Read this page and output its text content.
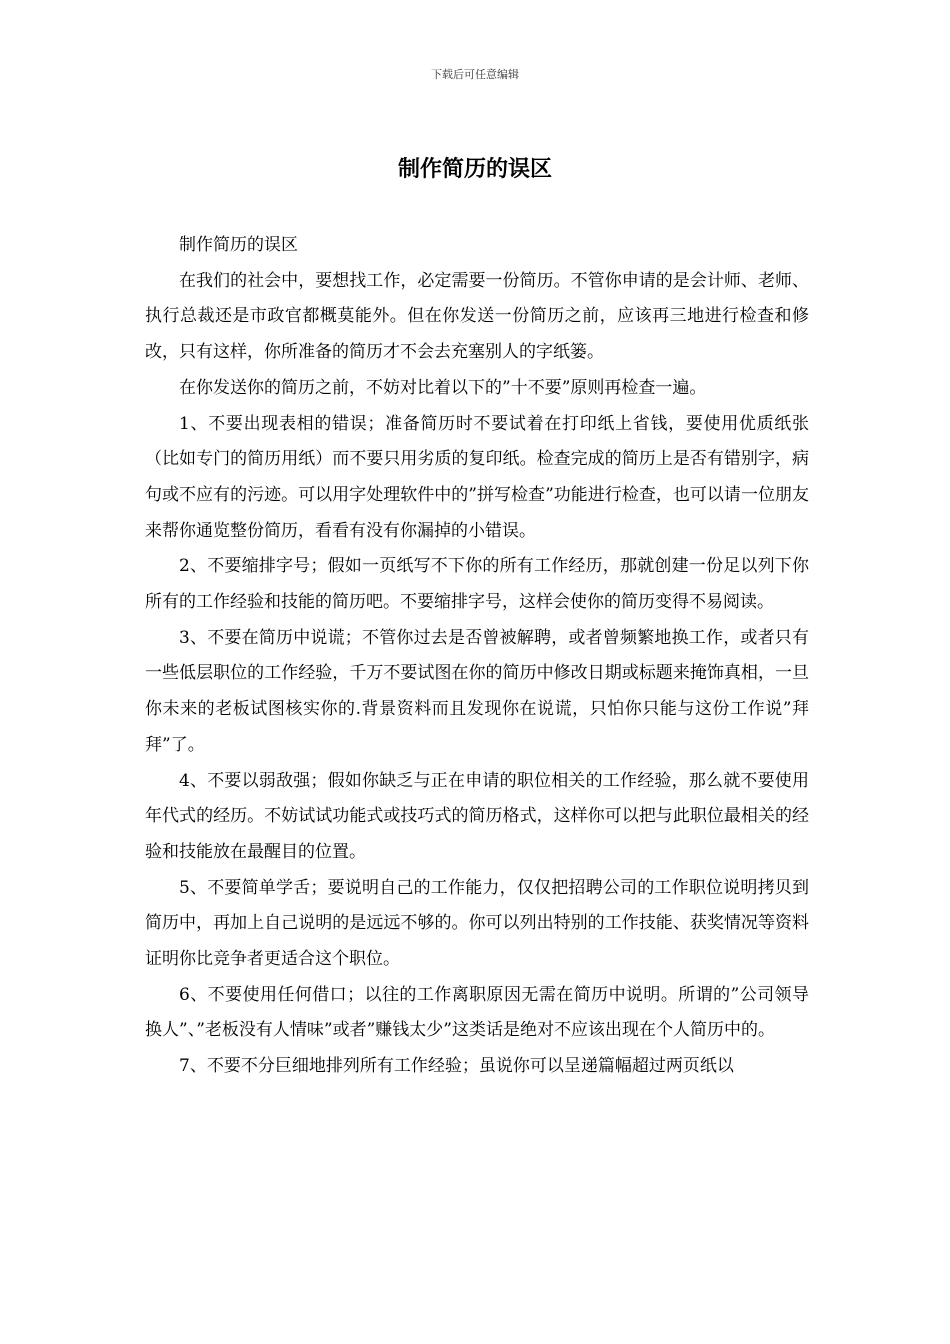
下载后可任意编辑
制作简历的误区

制作简历的误区

在我们的社会中，要想找工作，必定需要一份简历。不管你申请的是会计师、老师、执行总裁还是市政官都概莫能外。但在你发送一份简历之前，应该再三地进行检查和修改，只有这样，你所准备的简历才不会去充塞别人的字纸篓。

在你发送你的简历之前，不妨对比着以下的”十不要”原则再检查一遍。

1、不要出现表相的错误；准备简历时不要试着在打印纸上省钱，要使用优质纸张（比如专门的简历用纸）而不要只用劣质的复印纸。检查完成的简历上是否有错别字，病句或不应有的污迹。可以用字处理软件中的”拼写检查”功能进行检查，也可以请一位朋友来帮你通览整份简历，看看有没有你漏掉的小错误。

2、不要缩排字号；假如一页纸写不下你的所有工作经历，那就创建一份足以列下你所有的工作经验和技能的简历吧。不要缩排字号，这样会使你的简历变得不易阅读。

3、不要在简历中说谎；不管你过去是否曾被解聘，或者曾频繁地换工作，或者只有一些低层职位的工作经验，千万不要试图在你的简历中修改日期或标题来掩饰真相，一旦你未来的老板试图核实你的.背景资料而且发现你在说谎，只怕你只能与这份工作说”拜拜”了。

4、不要以弱敌强；假如你缺乏与正在申请的职位相关的工作经验，那么就不要使用年代式的经历。不妨试试功能式或技巧式的简历格式，这样你可以把与此职位最相关的经验和技能放在最醒目的位置。

5、不要简单学舌；要说明自己的工作能力，仅仅把招聘公司的工作职位说明拷贝到简历中，再加上自己说明的是远远不够的。你可以列出特别的工作技能、获奖情况等资料证明你比竞争者更适合这个职位。

6、不要使用任何借口；以往的工作离职原因无需在简历中说明。所谓的”公司领导换人”、”老板没有人情味”或者”赚钱太少”这类话是绝对不应该出现在个人简历中的。

7、不要不分巨细地排列所有工作经验；虽说你可以呈递篇幅超过两页纸以
